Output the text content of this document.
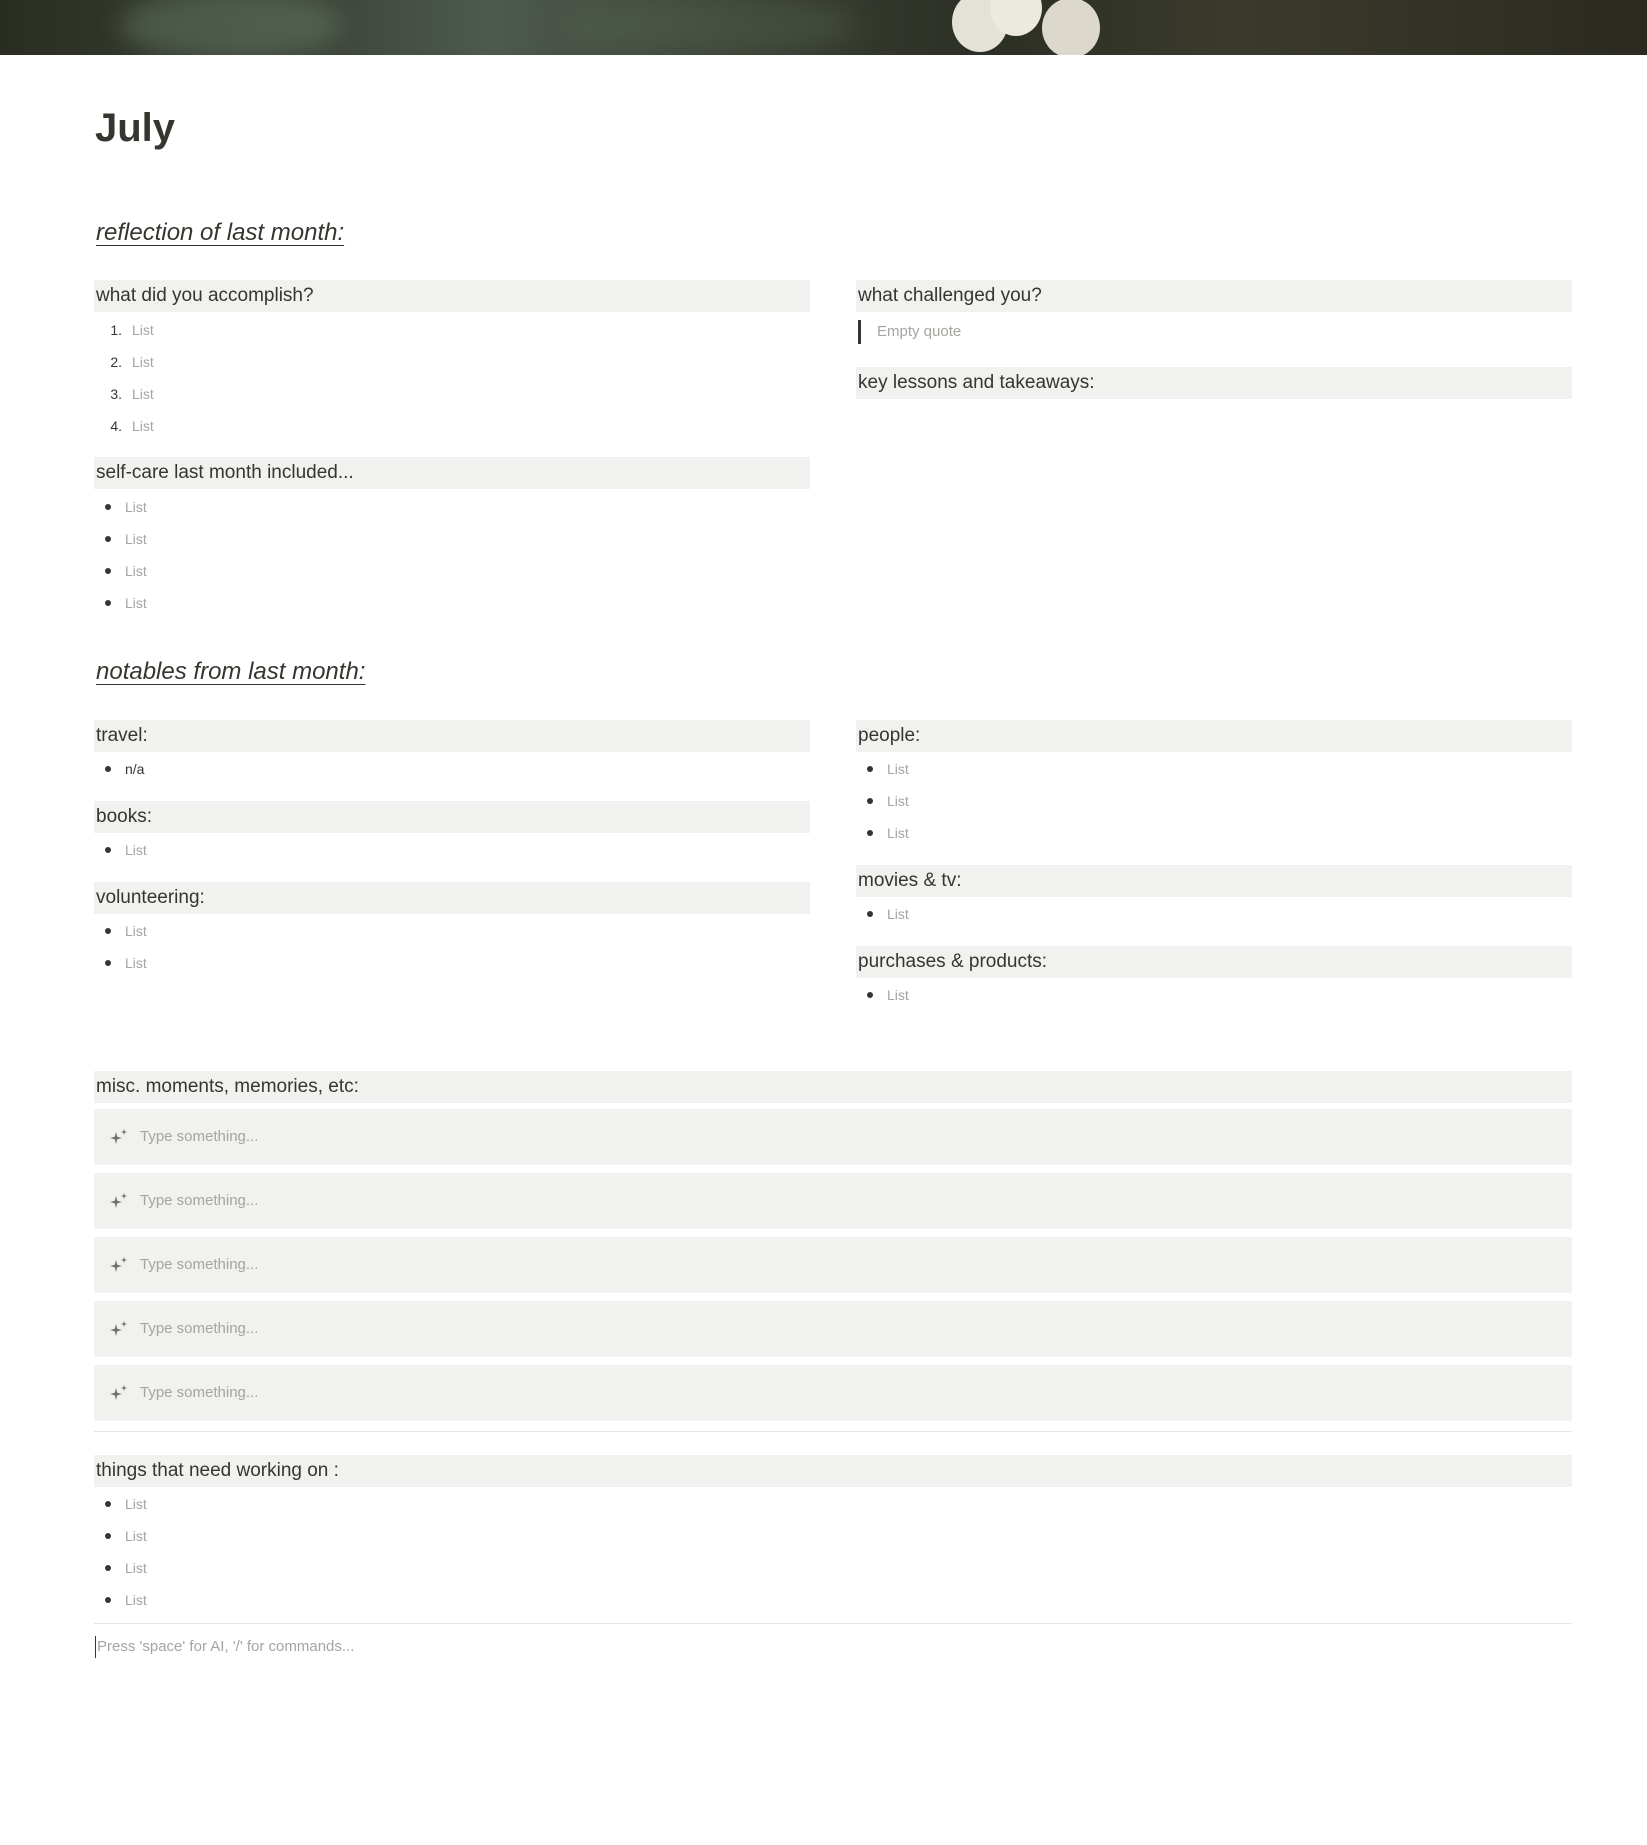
July
reflection of last month:
what did you accomplish?
1. List
2. List
3. List
4. List
self-care last month included...
List
List
List
List
what challenged you?
Empty quote
key lessons and takeaways:
notables from last month:
travel:
n/a
books:
List
volunteering:
List
List
people:
List
List
List
movies & tv:
List
purchases & products:
List
misc. moments, memories, etc:
Type something...
Type something...
Type something...
Type something...
Type something...
things that need working on :
List
List
List
List
Press 'space' for AI, '/' for commands...
